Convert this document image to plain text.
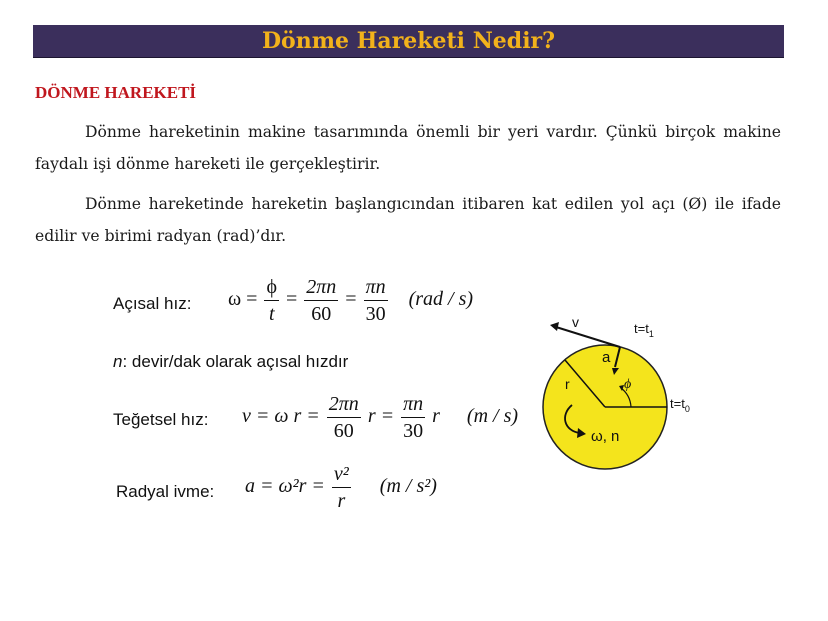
Dönme Hareketi Nedir?
DÖNME HAREKETİ

Dönme hareketinin makine tasarımında önemli bir yeri vardır. Çünkü birçok makine faydalı işi dönme hareketi ile gerçekleştirir.

Dönme hareketinde hareketin başlangıcından itibaren kat edilen yol açı (Ø) ile ifade edilir ve birimi radyan (rad)’dır.

Açısal hız: $\omega = \frac{\phi}{t} = \frac{2\pi n}{60} = \frac{\pi n}{30} (rad / s)$
n: devir/dak olarak açısal hızdır
Teğetsel hız: v = ω $r = \frac{2\pi n}{60}$ $r = \frac{\pi n}{30}$ r (m / s)
Radyal ivme: $a = \omega^2r = \frac{\text{v²}}{r} (m / s^2)$
v
a
r	ϕ
ω, n
$t=t_1$
$t=t_0$
